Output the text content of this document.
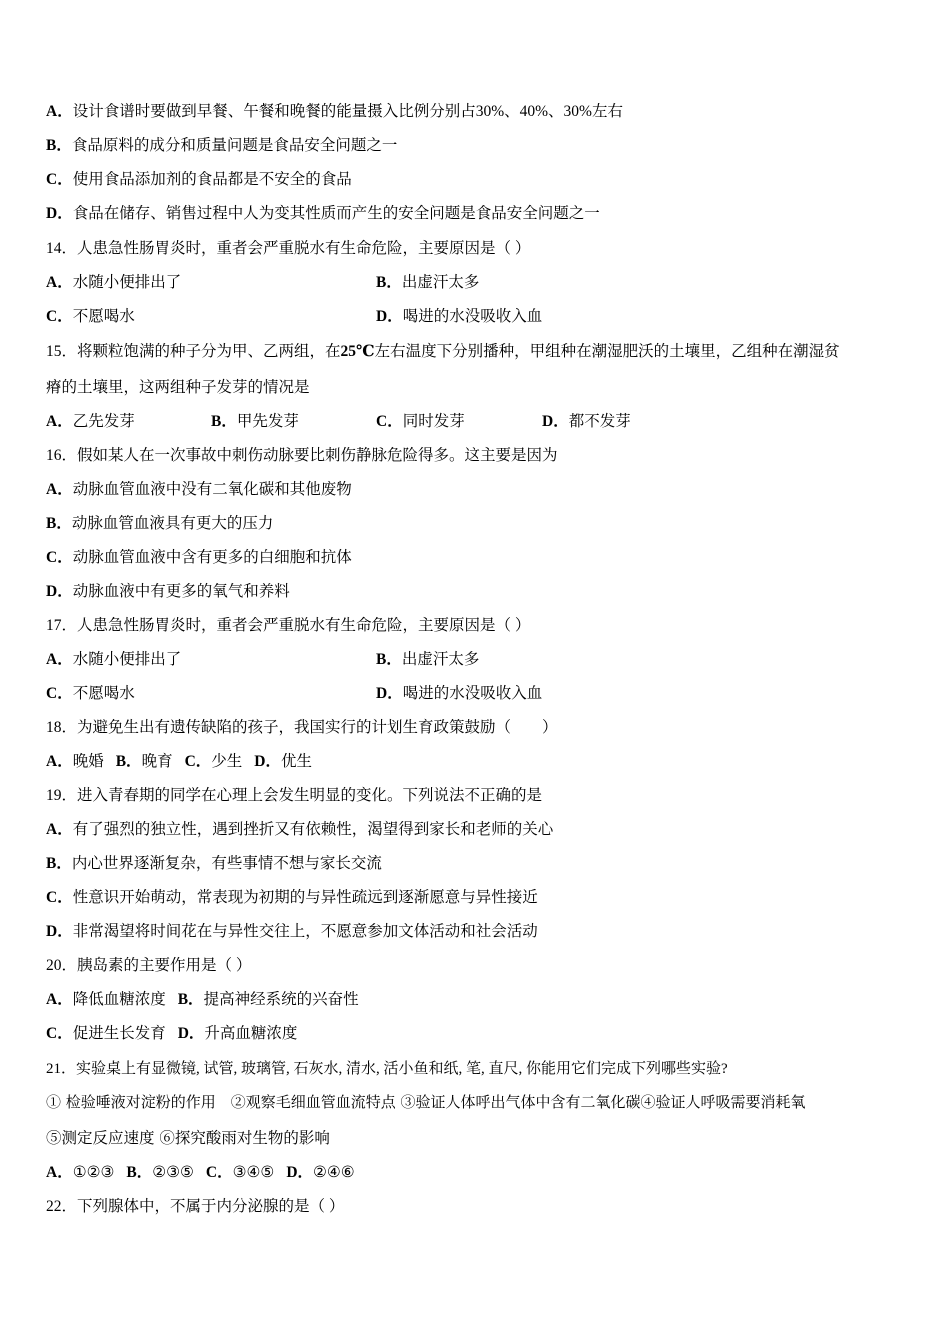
A．设计食谱时要做到早餐、午餐和晚餐的能量摄入比例分别占30%、40%、30%左右
B．食品原料的成分和质量问题是食品安全问题之一
C．使用食品添加剂的食品都是不安全的食品
D．食品在储存、销售过程中人为变其性质而产生的安全问题是食品安全问题之一
14．人患急性肠胃炎时，重者会严重脱水有生命危险，主要原因是（ ）
A．水随小便排出了	B．出虚汗太多
C．不愿喝水	D．喝进的水没吸收入血
15．将颗粒饱满的种子分为甲、乙两组，在25℃左右温度下分别播种，甲组种在潮湿肥沃的土壤里，乙组种在潮湿贫
瘠的土壤里，这两组种子发芽的情况是
A．乙先发芽	B．甲先发芽	C．同时发芽	D．都不发芽
16．假如某人在一次事故中刺伤动脉要比刺伤静脉危险得多。这主要是因为
A．动脉血管血液中没有二氧化碳和其他废物
B．动脉血管血液具有更大的压力
C．动脉血管血液中含有更多的白细胞和抗体
D．动脉血液中有更多的氧气和养料
17．人患急性肠胃炎时，重者会严重脱水有生命危险，主要原因是（ ）
A．水随小便排出了	B．出虚汗太多
C．不愿喝水	D．喝进的水没吸收入血
18．为避免生出有遗传缺陷的孩子，我国实行的计划生育政策鼓励（　　）
A．晚婚 B．晚育 C．少生 D．优生
19．进入青春期的同学在心理上会发生明显的变化。下列说法不正确的是
A．有了强烈的独立性，遇到挫折又有依赖性，渴望得到家长和老师的关心
B．内心世界逐渐复杂，有些事情不想与家长交流
C．性意识开始萌动，常表现为初期的与异性疏远到逐渐愿意与异性接近
D．非常渴望将时间花在与异性交往上，不愿意参加文体活动和社会活动
20．胰岛素的主要作用是（ ）
A．降低血糖浓度 B．提高神经系统的兴奋性
C．促进生长发育 D．升高血糖浓度
21．实验桌上有显微镜, 试管, 玻璃管, 石灰水, 清水, 活小鱼和纸, 笔, 直尺, 你能用它们完成下列哪些实验?
① 检验唾液对淀粉的作用　②观察毛细血管血流特点 ③验证人体呼出气体中含有二氧化碳④验证人呼吸需要消耗氧
⑤测定反应速度 ⑥探究酸雨对生物的影响
A．①②③ B．②③⑤ C．③④⑤ D．②④⑥
22．下列腺体中，不属于内分泌腺的是（ ）
